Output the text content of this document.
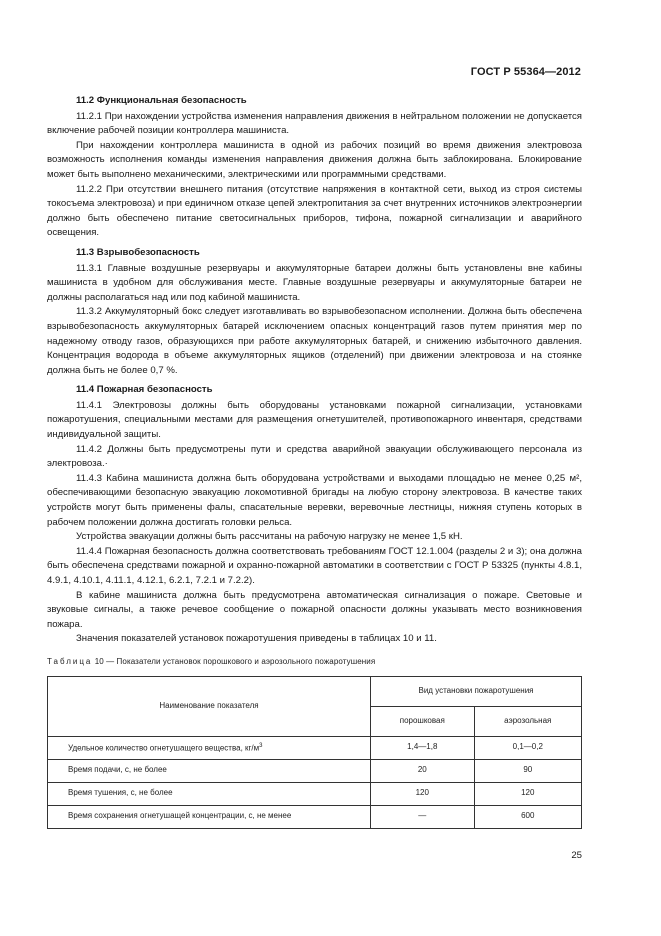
ГОСТ Р 55364—2012
11.2 Функциональная безопасность

11.2.1 При нахождении устройства изменения направления движения в нейтральном положении не допускается включение рабочей позиции контроллера машиниста.

При нахождении контроллера машиниста в одной из рабочих позиций во время движения электровоза возможность исполнения команды изменения направления движения должна быть заблокирована. Блокирование может быть выполнено механическими, электрическими или программными средствами.

11.2.2 При отсутствии внешнего питания (отсутствие напряжения в контактной сети, выход из строя системы токосъема электровоза) и при единичном отказе цепей электропитания за счет внутренних источников электроэнергии должно быть обеспечено питание светосигнальных приборов, тифона, пожарной сигнализации и аварийного освещения.

11.3 Взрывобезопасность

11.3.1 Главные воздушные резервуары и аккумуляторные батареи должны быть установлены вне кабины машиниста в удобном для обслуживания месте. Главные воздушные резервуары и аккумуляторные батареи не должны располагаться над или под кабиной машиниста.

11.3.2 Аккумуляторный бокс следует изготавливать во взрывобезопасном исполнении. Должна быть обеспечена взрывобезопасность аккумуляторных батарей исключением опасных концентраций газов путем принятия мер по надежному отводу газов, образующихся при работе аккумуляторных батарей, и снижению избыточного давления. Концентрация водорода в объеме аккумуляторных ящиков (отделений) при движении электровоза и на стоянке должна быть не более 0,7 %.

11.4 Пожарная безопасность

11.4.1 Электровозы должны быть оборудованы установками пожарной сигнализации, установками пожаротушения, специальными местами для размещения огнетушителей, противопожарного инвентаря, средствами индивидуальной защиты.

11.4.2 Должны быть предусмотрены пути и средства аварийной эвакуации обслуживающего персонала из электровоза.·

11.4.3 Кабина машиниста должна быть оборудована устройствами и выходами площадью не менее 0,25 м², обеспечивающими безопасную эвакуацию локомотивной бригады на любую сторону электровоза. В качестве таких устройств могут быть применены фалы, спасательные веревки, веревочные лестницы, нижняя ступень которых в рабочем положении должна достигать головки рельса.

Устройства эвакуации должны быть рассчитаны на рабочую нагрузку не менее 1,5 кН.

11.4.4 Пожарная безопасность должна соответствовать требованиям ГОСТ 12.1.004 (разделы 2 и 3); она должна быть обеспечена средствами пожарной и охранно-пожарной автоматики в соответствии с ГОСТ Р 53325 (пункты 4.8.1, 4.9.1, 4.10.1, 4.11.1, 4.12.1, 6.2.1, 7.2.1 и 7.2.2).

В кабине машиниста должна быть предусмотрена автоматическая сигнализация о пожаре. Световые и звуковые сигналы, а также речевое сообщение о пожарной опасности должны указывать место возникновения пожара.

Значения показателей установок пожаротушения приведены в таблицах 10 и 11.

Таблица 10 — Показатели установок порошкового и аэрозольного пожаротушения
Наименование показателя	Вид установки пожаротушения	
	порошковая	аэрозольная
Удельное количество огнетушащего вещества, $кг/м^3$	1,4—1,8	0,1—0,2
Время подачи, с, не более	20	90
Время тушения, с, не более	120	120
Время сохранения огнетушащей концентрации, с, не менее	—	600
25
